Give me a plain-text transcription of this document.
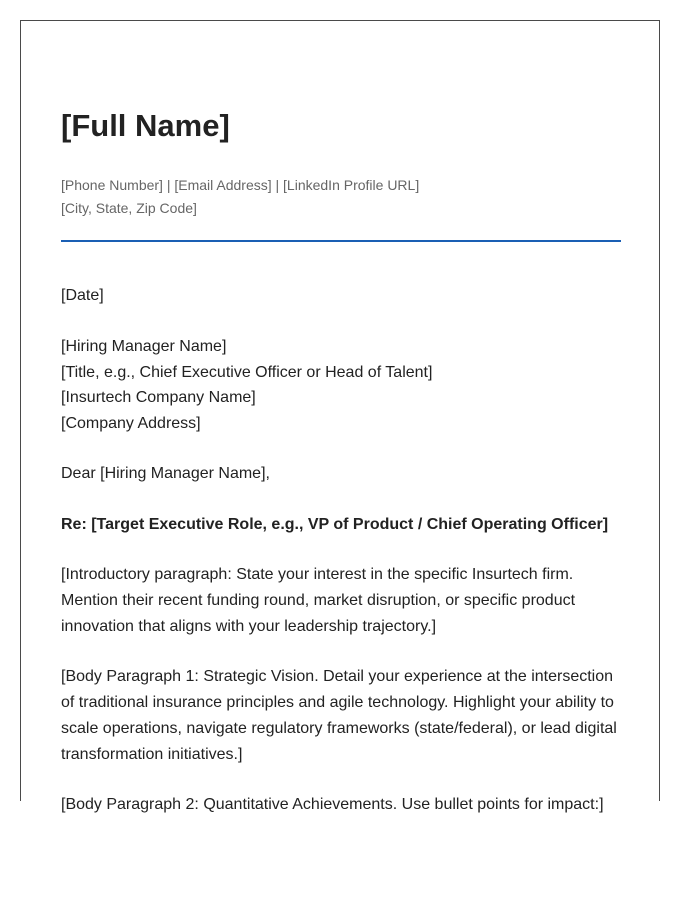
[Full Name]
[Phone Number] | [Email Address] | [LinkedIn Profile URL]
[City, State, Zip Code]
[Date]
[Hiring Manager Name]
[Title, e.g., Chief Executive Officer or Head of Talent]
[Insurtech Company Name]
[Company Address]
Dear [Hiring Manager Name],
Re: [Target Executive Role, e.g., VP of Product / Chief Operating Officer]

[Introductory paragraph: State your interest in the specific Insurtech firm. Mention their recent funding round, market disruption, or specific product innovation that aligns with your leadership trajectory.]

[Body Paragraph 1: Strategic Vision. Detail your experience at the intersection of traditional insurance principles and agile technology. Highlight your ability to scale operations, navigate regulatory frameworks (state/federal), or lead digital transformation initiatives.]

[Body Paragraph 2: Quantitative Achievements. Use bullet points for impact:]
